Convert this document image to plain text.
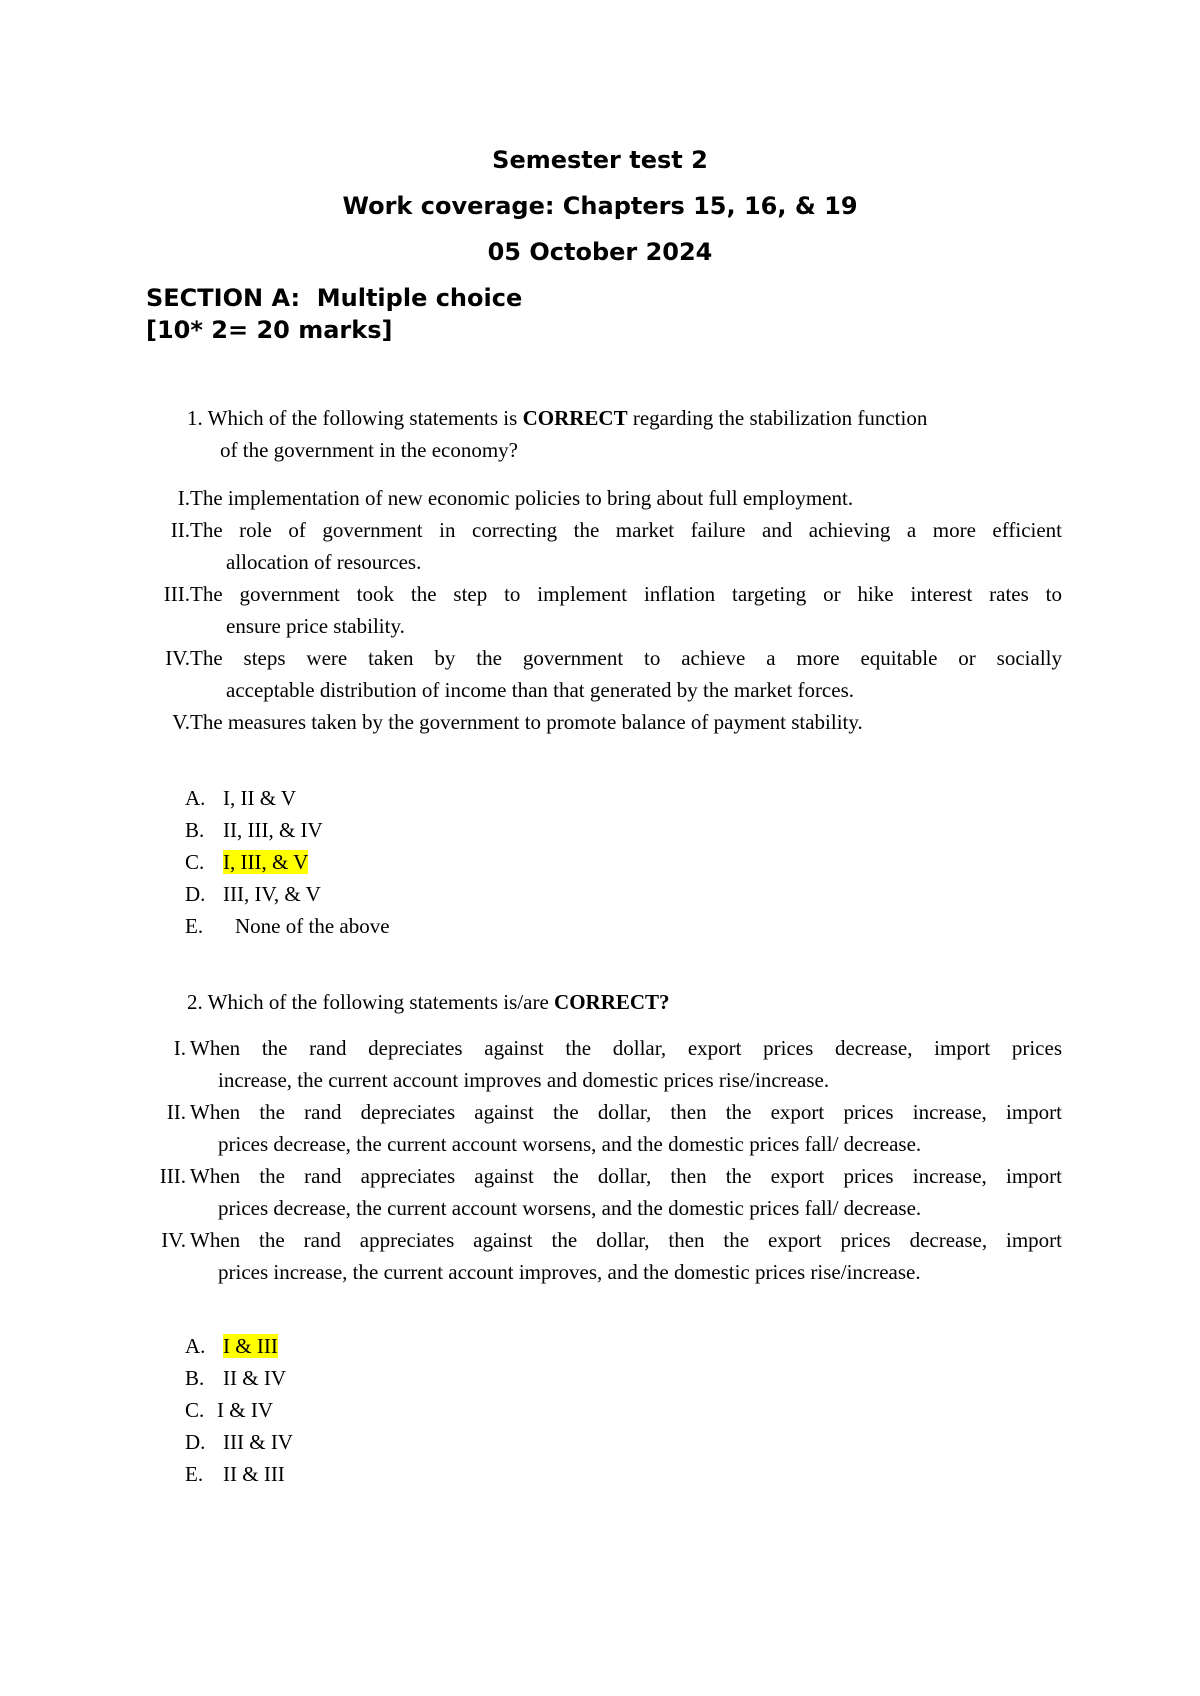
Semester test 2
Work coverage: Chapters 15, 16, & 19
05 October 2024
SECTION A:  Multiple choice
[10* 2= 20 marks]
1. Which of the following statements is CORRECT regarding the stabilization function
of the government in the economy?
I. The implementation of new economic policies to bring about full employment.
II. The role of government in correcting the market failure and achieving a more efficient
allocation of resources.
III. The government took the step to implement inflation targeting or hike interest rates to
ensure price stability.
IV. The steps were taken by the government to achieve a more equitable or socially
acceptable distribution of income than that generated by the market forces.
V. The measures taken by the government to promote balance of payment stability.
A. I, II & V
B. II, III, & IV
C. I, III, & V
D. III, IV, & V
E. None of the above
2. Which of the following statements is/are CORRECT?
I. When the rand depreciates against the dollar, export prices decrease, import prices
increase, the current account improves and domestic prices rise/increase.
II. When the rand depreciates against the dollar, then the export prices increase, import
prices decrease, the current account worsens, and the domestic prices fall/ decrease.
III. When the rand appreciates against the dollar, then the export prices increase, import
prices decrease, the current account worsens, and the domestic prices fall/ decrease.
IV. When the rand appreciates against the dollar, then the export prices decrease, import
prices increase, the current account improves, and the domestic prices rise/increase.
A. I & III
B. II & IV
C. I & IV
D. III & IV
E. II & III
